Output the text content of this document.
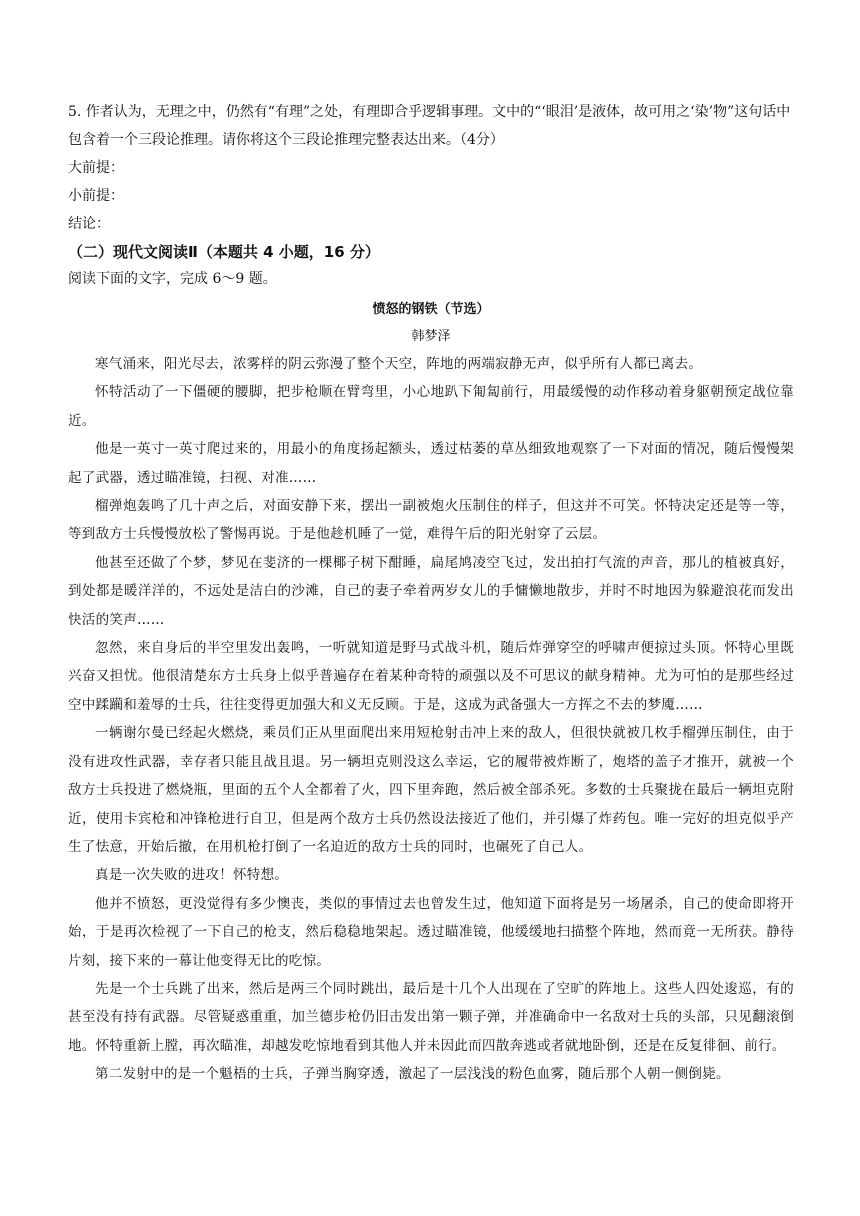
5. 作者认为，无理之中，仍然有“有理”之处，有理即合乎逻辑事理。文中的“‘眼泪’是液体，故可用之‘染’物”这句话中包含着一个三段论推理。请你将这个三段论推理完整表达出来。（4分）

大前提：

小前提：

结论：

（二）现代文阅读Ⅱ（本题共 4 小题，16 分）

阅读下面的文字，完成 6～9 题。

愤怒的钢铁（节选）

韩梦泽

寒气涌来，阳光尽去，浓雾样的阴云弥漫了整个天空，阵地的两端寂静无声，似乎所有人都已离去。

怀特活动了一下僵硬的腰脚，把步枪顺在臂弯里，小心地趴下匍匐前行，用最缓慢的动作移动着身躯朝预定战位靠近。

他是一英寸一英寸爬过来的，用最小的角度扬起额头，透过枯萎的草丛细致地观察了一下对面的情况，随后慢慢架起了武器，透过瞄准镜，扫视、对准……

榴弹炮轰鸣了几十声之后，对面安静下来，摆出一副被炮火压制住的样子，但这并不可笑。怀特决定还是等一等，等到敌方士兵慢慢放松了警惕再说。于是他趁机睡了一觉，难得午后的阳光射穿了云层。

他甚至还做了个梦，梦见在斐济的一棵椰子树下酣睡，扁尾鸠凌空飞过，发出拍打气流的声音，那儿的植被真好，到处都是暖洋洋的，不远处是洁白的沙滩，自己的妻子牵着两岁女儿的手慵懒地散步，并时不时地因为躲避浪花而发出快活的笑声……

忽然，来自身后的半空里发出轰鸣，一听就知道是野马式战斗机，随后炸弹穿空的呼啸声便掠过头顶。怀特心里既兴奋又担忧。他很清楚东方士兵身上似乎普遍存在着某种奇特的顽强以及不可思议的献身精神。尤为可怕的是那些经过空中蹂躏和羞辱的士兵，往往变得更加强大和义无反顾。于是，这成为武备强大一方挥之不去的梦魇……

一辆谢尔曼已经起火燃烧，乘员们正从里面爬出来用短枪射击冲上来的敌人，但很快就被几枚手榴弹压制住，由于没有进攻性武器，幸存者只能且战且退。另一辆坦克则没这么幸运，它的履带被炸断了，炮塔的盖子才推开，就被一个敌方士兵投进了燃烧瓶，里面的五个人全都着了火，四下里奔跑，然后被全部杀死。多数的士兵聚拢在最后一辆坦克附近，使用卡宾枪和冲锋枪进行自卫，但是两个敌方士兵仍然设法接近了他们，并引爆了炸药包。唯一完好的坦克似乎产生了怯意，开始后撤，在用机枪打倒了一名迫近的敌方士兵的同时，也碾死了自己人。

真是一次失败的进攻！怀特想。

他并不愤怒，更没觉得有多少懊丧，类似的事情过去也曾发生过，他知道下面将是另一场屠杀，自己的使命即将开始，于是再次检视了一下自己的枪支，然后稳稳地架起。透过瞄准镜，他缓缓地扫描整个阵地，然而竟一无所获。静待片刻，接下来的一幕让他变得无比的吃惊。

先是一个士兵跳了出来，然后是两三个同时跳出，最后是十几个人出现在了空旷的阵地上。这些人四处逡巡，有的甚至没有持有武器。尽管疑惑重重，加兰德步枪仍旧击发出第一颗子弹，并准确命中一名敌对士兵的头部，只见翻滚倒地。怀特重新上膛，再次瞄准，却越发吃惊地看到其他人并未因此而四散奔逃或者就地卧倒，还是在反复徘徊、前行。

第二发射中的是一个魁梧的士兵，子弹当胸穿透，激起了一层浅浅的粉色血雾，随后那个人朝一侧倒毙。
